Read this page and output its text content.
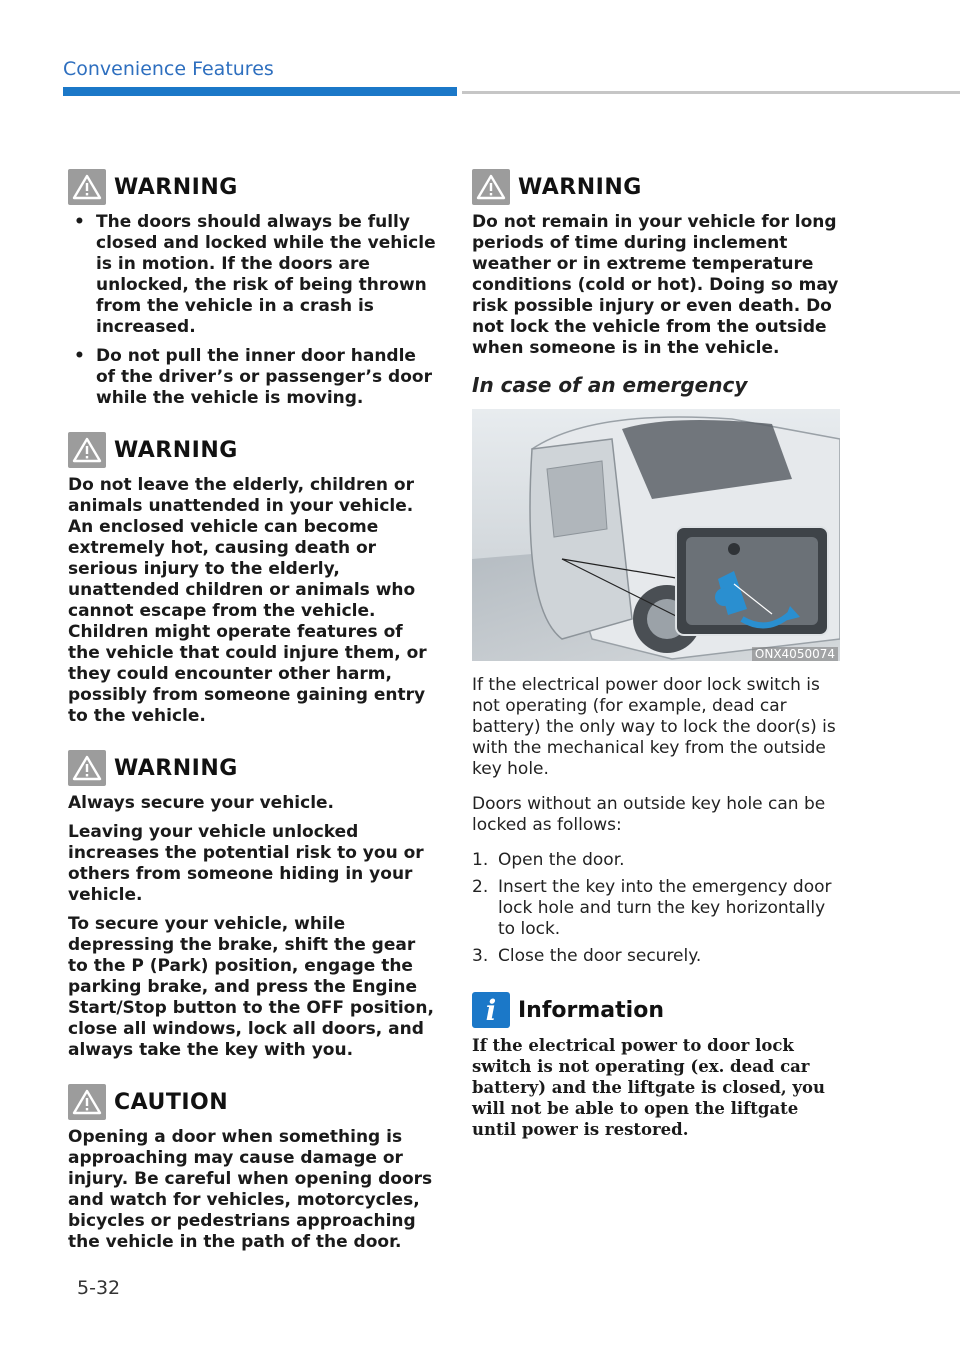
Convenience Features
WARNING
• The doors should always be fully closed and locked while the vehicle is in motion. If the doors are unlocked, the risk of being thrown from the vehicle in a crash is increased.
• Do not pull the inner door handle of the driver’s or passenger’s door while the vehicle is moving.
WARNING

Do not leave the elderly, children or animals unattended in your vehicle. An enclosed vehicle can become extremely hot, causing death or serious injury to the elderly, unattended children or animals who cannot escape from the vehicle. Children might operate features of the vehicle that could injure them, or they could encounter other harm, possibly from someone gaining entry to the vehicle.

WARNING

Always secure your vehicle.

Leaving your vehicle unlocked increases the potential risk to you or others from someone hiding in your vehicle.

To secure your vehicle, while depressing the brake, shift the gear to the P (Park) position, engage the parking brake, and press the Engine Start/Stop button to the OFF position, close all windows, lock all doors, and always take the key with you.

CAUTION

Opening a door when something is approaching may cause damage or injury. Be careful when opening doors and watch for vehicles, motorcycles, bicycles or pedestrians approaching the vehicle in the path of the door.

WARNING

Do not remain in your vehicle for long periods of time during inclement weather or in extreme temperature conditions (cold or hot). Doing so may risk possible injury or even death. Do not lock the vehicle from the outside when someone is in the vehicle.

In case of an emergency
ONX4050074

If the electrical power door lock switch is not operating (for example, dead car battery) the only way to lock the door(s) is with the mechanical key from the outside key hole.

Doors without an outside key hole can be locked as follows:

1. Open the door.
2. Insert the key into the emergency door lock hole and turn the key horizontally to lock.
3. Close the door securely.
i Information
If the electrical power to door lock switch is not operating (ex. dead car battery) and the liftgate is closed, you will not be able to open the liftgate until power is restored.
5-32
